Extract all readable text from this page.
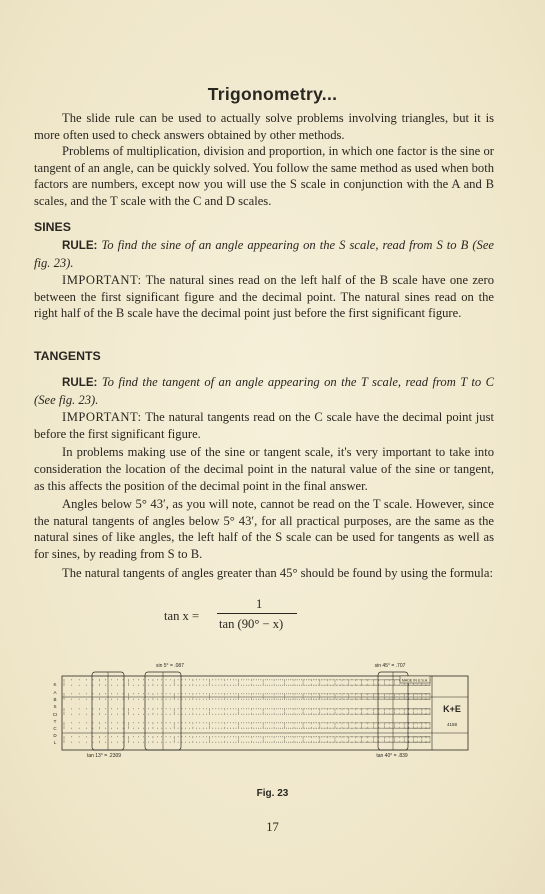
Trigonometry...

The slide rule can be used to actually solve problems involving triangles, but it is more often used to check answers obtained by other methods.

Problems of multiplication, division and proportion, in which one factor is the sine or tangent of an angle, can be quickly solved. You follow the same method as used when both factors are numbers, except now you will use the S scale in conjunction with the A and B scales, and the T scale with the C and D scales.

SINES

RULE: To find the sine of an angle appearing on the S scale, read from S to B (See fig. 23).

IMPORTANT: The natural sines read on the left half of the B scale have one zero between the first significant figure and the decimal point. The natural sines read on the right half of the B scale have the decimal point just before the first significant figure.

TANGENTS

RULE: To find the tangent of an angle appearing on the T scale, read from T to C (See fig. 23).

IMPORTANT: The natural tangents read on the C scale have the decimal point just before the first significant figure.

In problems making use of the sine or tangent scale, it's very important to take into consideration the location of the decimal point in the natural value of the sine or tangent, as this affects the position of the decimal point in the final answer.

Angles below 5° 43′, as you will note, cannot be read on the T scale. However, since the natural tangents of angles below 5° 43′, for all practical purposes, are the same as the natural sines of like angles, the left half of the S scale can be used for tangents as well as for sines, by reading from S to B.

The natural tangents of angles greater than 45° should be found by using the formula:

tan x =
1
tan (90° − x)
sin 5° = .087	sin 45° = .707
tan 13° = .2309	tan 40° = .839
K
A
B
S
CI
T
C
D
L
MADE IN U.S.A.
K+E
4158
Fig. 23
17
